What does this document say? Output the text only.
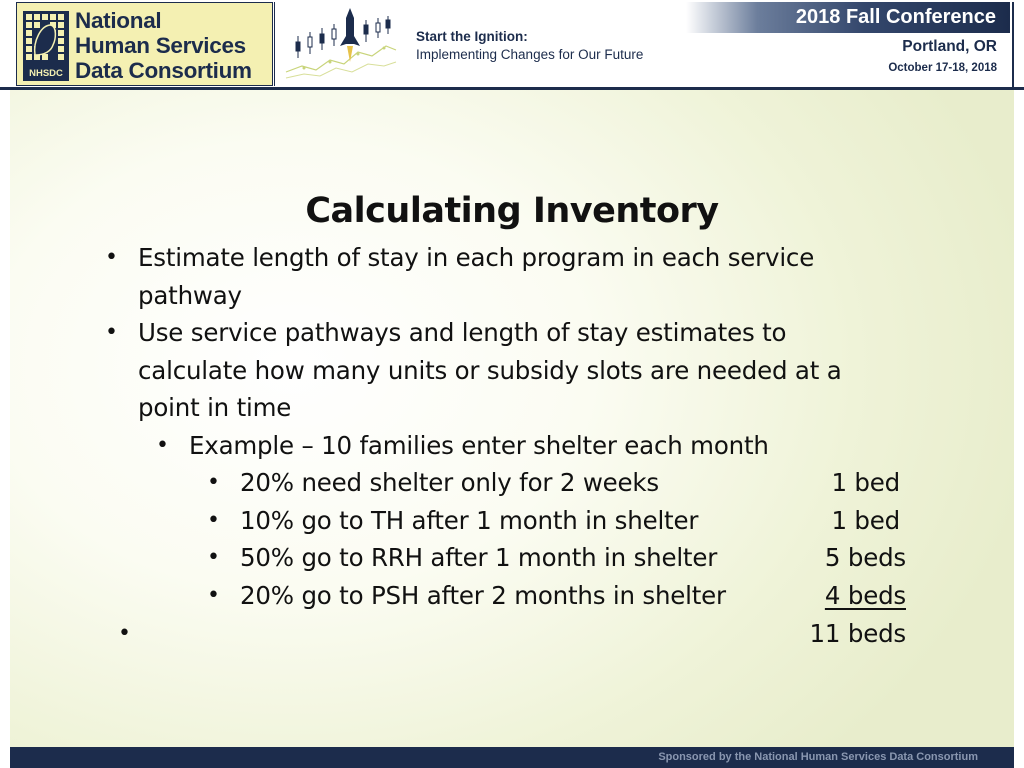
NHSDC
National
Human Services
Data Consortium
Start the Ignition:
Implementing Changes for Our Future
2018 Fall Conference
Portland, OR
October 17-18, 2018
Calculating Inventory
• Estimate length of stay in each program in each service
pathway
• Use service pathways and length of stay estimates to
calculate how many units or subsidy slots are needed at a
point in time
• Example – 10 families enter shelter each month
• 20% need shelter only for 2 weeks	1 bed
• 10% go to TH after 1 month in shelter	1 bed
• 50% go to RRH after 1 month in shelter	5 beds
• 20% go to PSH after 2 months in shelter	4 beds
•	11 beds
Sponsored by the National Human Services Data Consortium
